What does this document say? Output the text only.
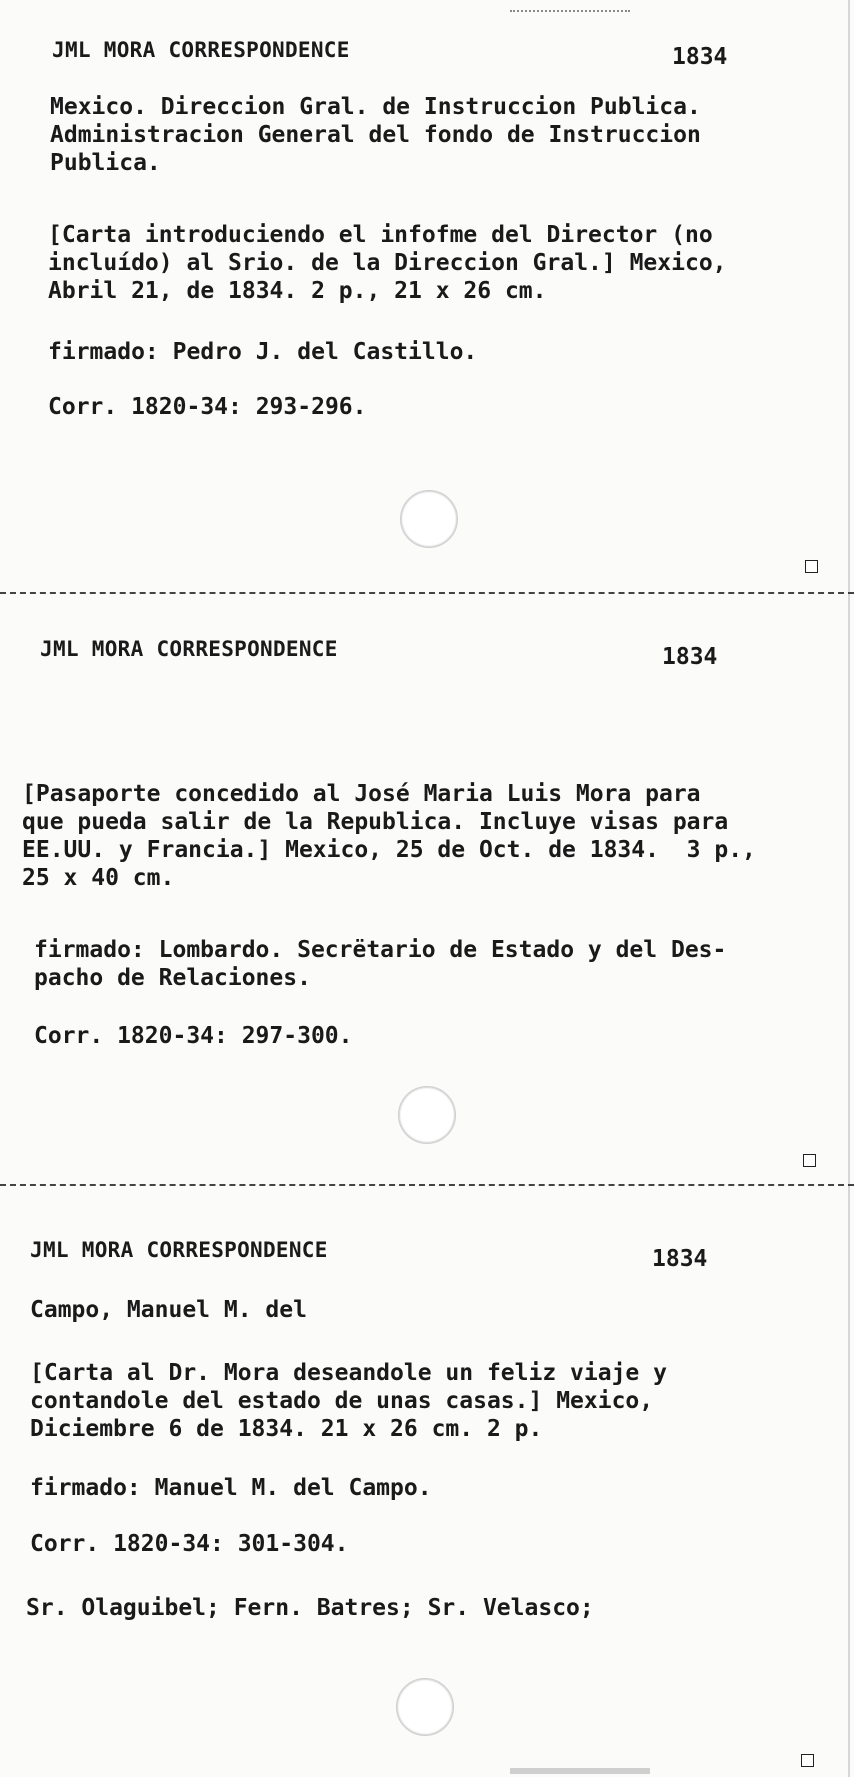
JML MORA CORRESPONDENCE	1834

Mexico. Direccion Gral. de Instruccion Publica.
Administracion General del fondo de Instruccion
Publica.

[Carta introduciendo el infofme del Director (no
incluído) al Srio. de la Direccion Gral.] Mexico,
Abril 21, de 1834. 2 p., 21 x 26 cm.

firmado: Pedro J. del Castillo.

Corr. 1820-34: 293-296.

JML MORA CORRESPONDENCE	1834

[Pasaporte concedido al José Maria Luis Mora para
que pueda salir de la Republica. Incluye visas para
EE.UU. y Francia.] Mexico, 25 de Oct. de 1834.  3 p.,
25 x 40 cm.

firmado: Lombardo. Secrëtario de Estado y del Des-
pacho de Relaciones.

Corr. 1820-34: 297-300.

JML MORA CORRESPONDENCE	1834

Campo, Manuel M. del

[Carta al Dr. Mora deseandole un feliz viaje y
contandole del estado de unas casas.] Mexico,
Diciembre 6 de 1834. 21 x 26 cm. 2 p.

firmado: Manuel M. del Campo.

Corr. 1820-34: 301-304.

Sr. Olaguibel; Fern. Batres; Sr. Velasco;
